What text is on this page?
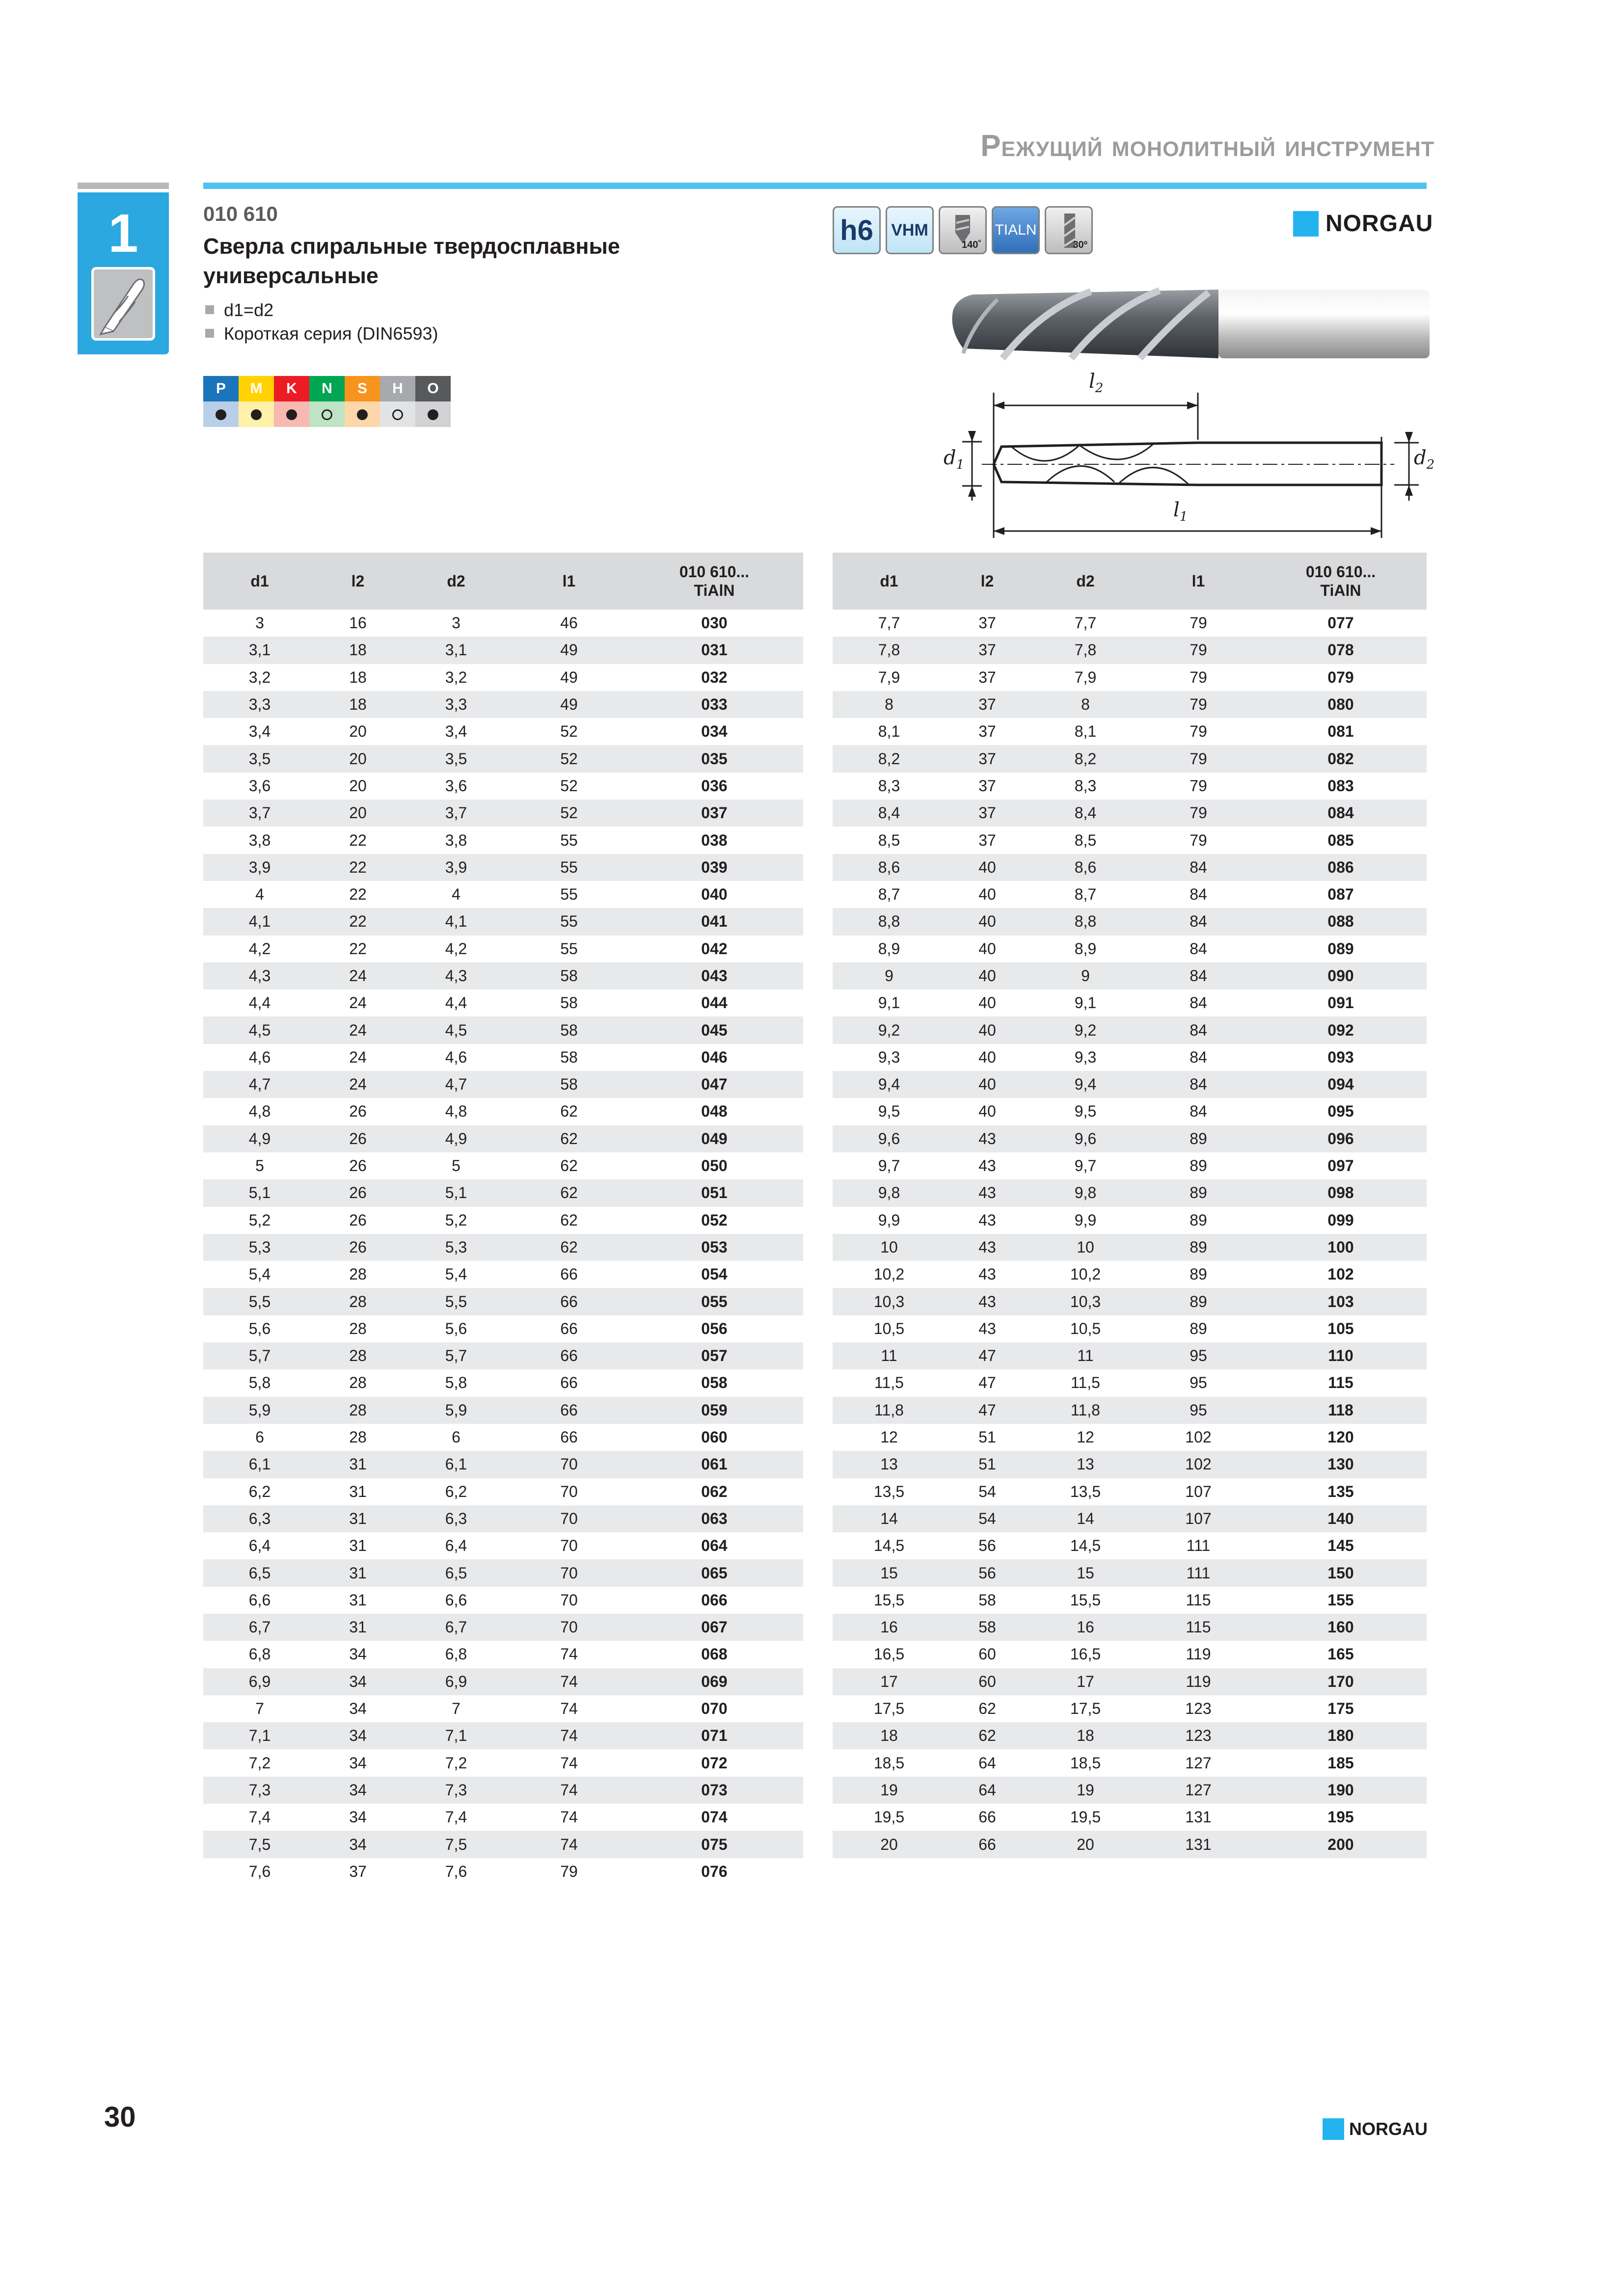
Режущий монолитный инструмент
1	010 610
Сверла спиральные твердосплавные
универсальные
d1=d2
Короткая серия (DIN6593)
P	M	K	N	S	H	O
h6	VHM
140˚
TIALN
30º
NORGAU
$l_2$
$l_1$
$d_1$	$d_2$
d1	l2	d2	l1	010 610...
TiAlN

3	16	3	46	030
3,1	18	3,1	49	031
3,2	18	3,2	49	032
3,3	18	3,3	49	033
3,4	20	3,4	52	034
3,5	20	3,5	52	035
3,6	20	3,6	52	036
3,7	20	3,7	52	037
3,8	22	3,8	55	038
3,9	22	3,9	55	039
4	22	4	55	040
4,1	22	4,1	55	041
4,2	22	4,2	55	042
4,3	24	4,3	58	043
4,4	24	4,4	58	044
4,5	24	4,5	58	045
4,6	24	4,6	58	046
4,7	24	4,7	58	047
4,8	26	4,8	62	048
4,9	26	4,9	62	049
5	26	5	62	050
5,1	26	5,1	62	051
5,2	26	5,2	62	052
5,3	26	5,3	62	053
5,4	28	5,4	66	054
5,5	28	5,5	66	055
5,6	28	5,6	66	056
5,7	28	5,7	66	057
5,8	28	5,8	66	058
5,9	28	5,9	66	059
6	28	6	66	060
6,1	31	6,1	70	061
6,2	31	6,2	70	062
6,3	31	6,3	70	063
6,4	31	6,4	70	064
6,5	31	6,5	70	065
6,6	31	6,6	70	066
6,7	31	6,7	70	067
6,8	34	6,8	74	068
6,9	34	6,9	74	069
7	34	7	74	070
7,1	34	7,1	74	071
7,2	34	7,2	74	072
7,3	34	7,3	74	073
7,4	34	7,4	74	074
7,5	34	7,5	74	075
7,6	37	7,6	79	076
d1	l2	d2	l1	010 610...
TiAlN

7,7	37	7,7	79	077
7,8	37	7,8	79	078
7,9	37	7,9	79	079
8	37	8	79	080
8,1	37	8,1	79	081
8,2	37	8,2	79	082
8,3	37	8,3	79	083
8,4	37	8,4	79	084
8,5	37	8,5	79	085
8,6	40	8,6	84	086
8,7	40	8,7	84	087
8,8	40	8,8	84	088
8,9	40	8,9	84	089
9	40	9	84	090
9,1	40	9,1	84	091
9,2	40	9,2	84	092
9,3	40	9,3	84	093
9,4	40	9,4	84	094
9,5	40	9,5	84	095
9,6	43	9,6	89	096
9,7	43	9,7	89	097
9,8	43	9,8	89	098
9,9	43	9,9	89	099
10	43	10	89	100
10,2	43	10,2	89	102
10,3	43	10,3	89	103
10,5	43	10,5	89	105
11	47	11	95	110
11,5	47	11,5	95	115
11,8	47	11,8	95	118
12	51	12	102	120
13	51	13	102	130
13,5	54	13,5	107	135
14	54	14	107	140
14,5	56	14,5	111	145
15	56	15	111	150
15,5	58	15,5	115	155
16	58	16	115	160
16,5	60	16,5	119	165
17	60	17	119	170
17,5	62	17,5	123	175
18	62	18	123	180
18,5	64	18,5	127	185
19	64	19	127	190
19,5	66	19,5	131	195
20	66	20	131	200
30	NORGAU
